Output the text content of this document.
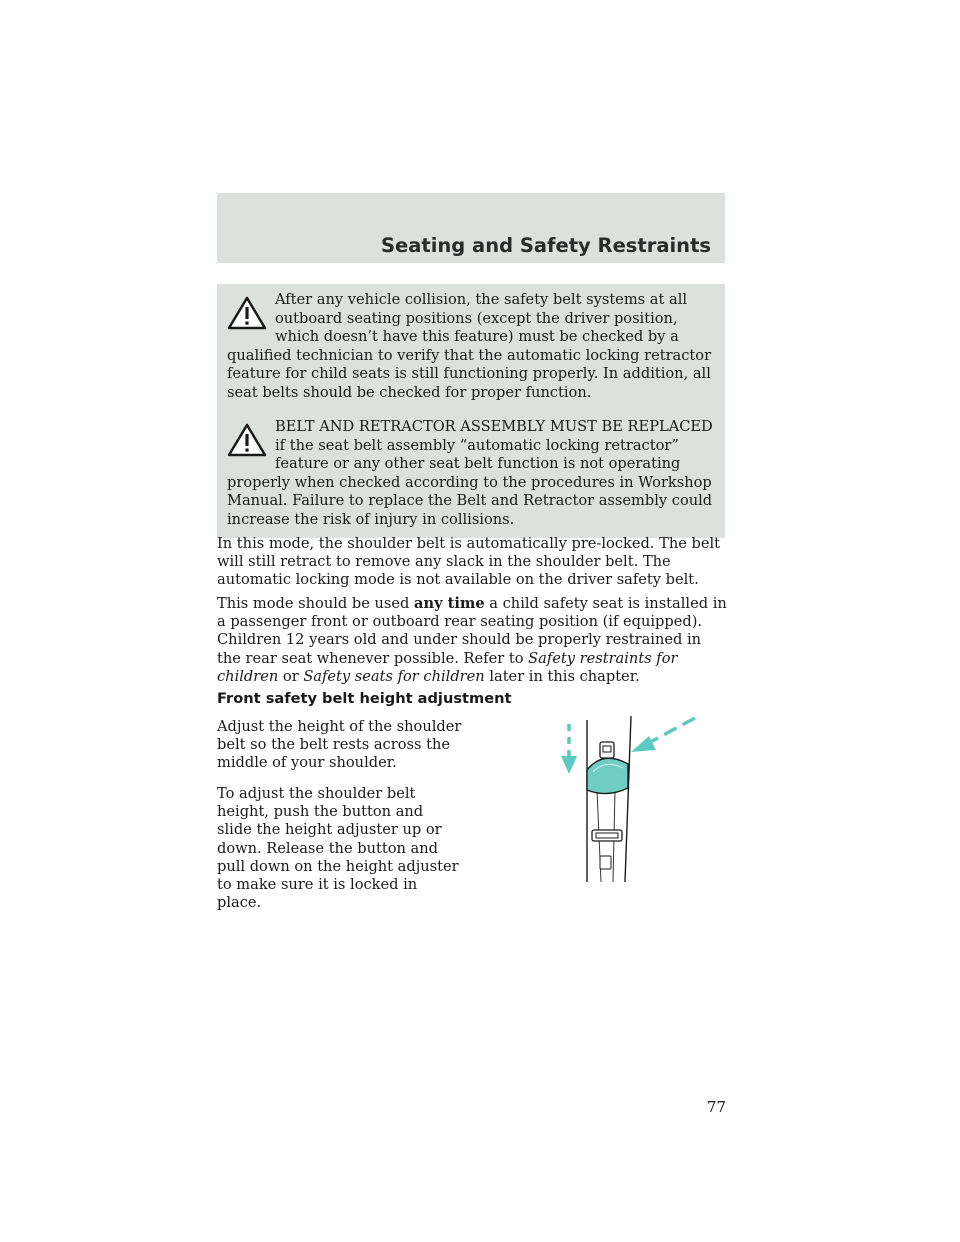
Seating and Safety Restraints

After any vehicle collision, the safety belt systems at all outboard seating positions (except the driver position, which doesn’t have this feature) must be checked by a qualified technician to verify that the automatic locking retractor feature for child seats is still functioning properly. In addition, all seat belts should be checked for proper function.

BELT AND RETRACTOR ASSEMBLY MUST BE REPLACED if the seat belt assembly “automatic locking retractor” feature or any other seat belt function is not operating properly when checked according to the procedures in Workshop Manual. Failure to replace the Belt and Retractor assembly could increase the risk of injury in collisions.

In this mode, the shoulder belt is automatically pre-locked. The belt will still retract to remove any slack in the shoulder belt. The automatic locking mode is not available on the driver safety belt.

This mode should be used any time a child safety seat is installed in a passenger front or outboard rear seating position (if equipped). Children 12 years old and under should be properly restrained in the rear seat whenever possible. Refer to Safety restraints for children or Safety seats for children later in this chapter.

Front safety belt height adjustment

Adjust the height of the shoulder belt so the belt rests across the middle of your shoulder.

To adjust the shoulder belt height, push the button and slide the height adjuster up or down. Release the button and pull down on the height adjuster to make sure it is locked in place.

77
